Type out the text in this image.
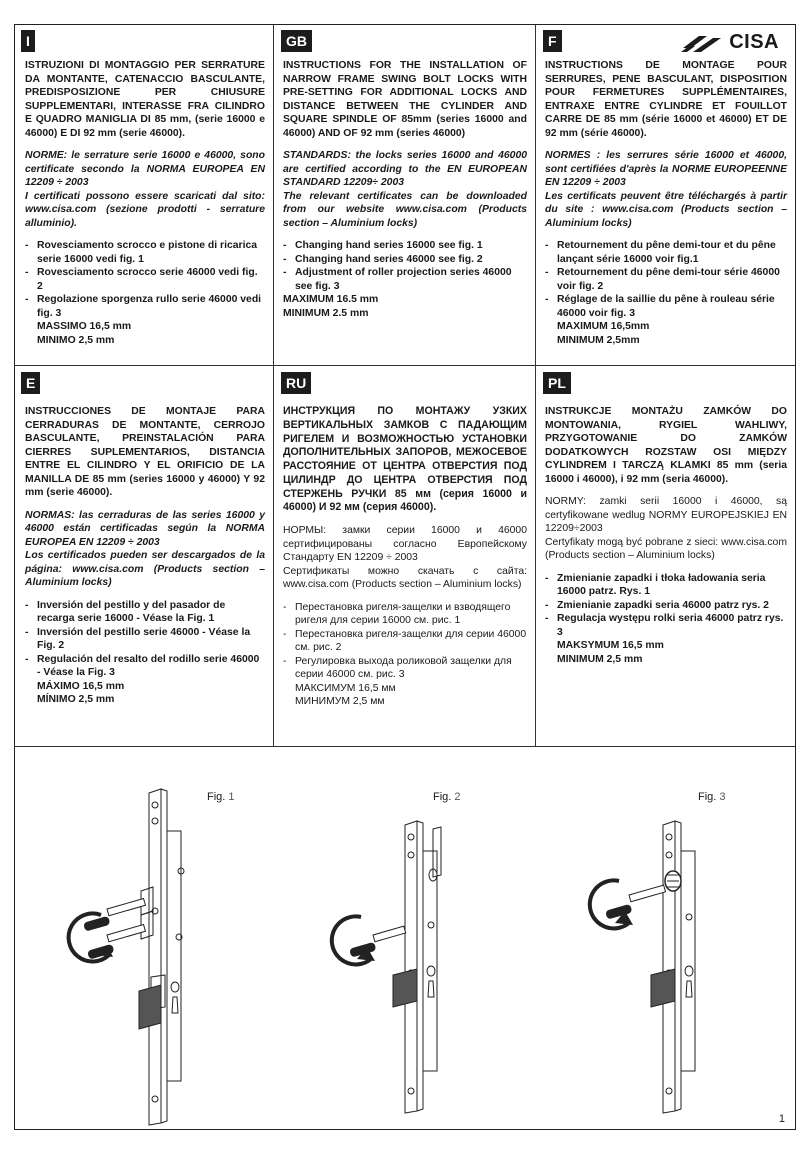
CISA
I
ISTRUZIONI DI MONTAGGIO PER SERRATURE DA MONTANTE, CATENACCIO BASCULANTE, PREDISPOSIZIONE PER CHIUSURE SUPPLEMENTARI, INTERASSE FRA CILINDRO E QUADRO MANIGLIA DI 85 mm, (serie 16000 e 46000) E DI 92 mm (serie 46000).
NORME: le serrature serie 16000 e 46000, sono certificate secondo la NORMA EUROPEA EN 12209 ÷ 2003
I certificati possono essere scaricati dal sito: www.cisa.com (sezione prodotti - serrature alluminio).
- Rovesciamento scrocco e pistone di ricarica serie 16000 vedi fig. 1
- Rovesciamento scrocco serie 46000 vedi fig. 2
- Regolazione sporgenza rullo serie 46000 vedi fig. 3
MASSIMO 16,5 mm
MINIMO 2,5 mm
GB
INSTRUCTIONS FOR THE INSTALLATION OF NARROW FRAME SWING BOLT LOCKS WITH PRE-SETTING FOR ADDITIONAL LOCKS AND DISTANCE BETWEEN THE CYLINDER AND SQUARE SPINDLE OF 85mm (series 16000 and 46000) AND OF 92 mm (series 46000)
STANDARDS: the locks series 16000 and 46000 are certified according to the EN EUROPEAN STANDARD 12209÷ 2003
The relevant certificates can be downloaded from our website www.cisa.com (Products section – Aluminium locks)
- Changing hand series 16000 see fig. 1
- Changing hand series 46000 see fig. 2
- Adjustment of roller projection series 46000 see fig. 3
MAXIMUM 16.5 mm
MINIMUM 2.5 mm
F
INSTRUCTIONS DE MONTAGE POUR SERRURES, PENE BASCULANT, DISPOSITION POUR FERMETURES SUPPLÉMENTAIRES, ENTRAXE ENTRE CYLINDRE ET FOUILLOT CARRE DE 85 mm (série 16000 et 46000) ET DE 92 mm (série 46000).
NORMES : les serrures série 16000 et 46000, sont certifiées d'après la NORME EUROPEENNE EN 12209 ÷ 2003
Les certificats peuvent être téléchargés à partir du site : www.cisa.com (Products section – Aluminium locks)
- Retournement du pêne demi-tour et du pêne lançant série 16000 voir fig.1
- Retournement du pêne demi-tour série 46000 voir fig. 2
- Réglage de la saillie du pêne à rouleau série 46000 voir fig. 3
MAXIMUM 16,5mm
MINIMUM 2,5mm
E
INSTRUCCIONES DE MONTAJE PARA CERRADURAS DE MONTANTE, CERROJO BASCULANTE, PREINSTALACIÓN PARA CIERRES SUPLEMENTARIOS, DISTANCIA ENTRE EL CILINDRO Y EL ORIFICIO DE LA MANILLA DE 85 mm (series 16000 y 46000) Y 92 mm (serie 46000).
NORMAS: las cerraduras de las series 16000 y 46000 están certificadas según la NORMA EUROPEA EN 12209 ÷ 2003
Los certificados pueden ser descargados de la página: www.cisa.com (Products section – Aluminium locks)
- Inversión del pestillo y del pasador de recarga serie 16000 - Véase la Fig. 1
- Inversión del pestillo serie 46000 - Véase la Fig. 2
- Regulación del resalto del rodillo serie 46000 - Véase la Fig. 3
MÁXIMO 16,5 mm
MÍNIMO 2,5 mm
RU
ИНСТРУКЦИЯ ПО МОНТАЖУ УЗКИХ ВЕРТИКАЛЬНЫХ ЗАМКОВ С ПАДАЮЩИМ РИГЕЛЕМ И ВОЗМОЖНОСТЬЮ УСТАНОВКИ ДОПОЛНИТЕЛЬНЫХ ЗАПОРОВ, МЕЖОСЕВОЕ РАССТОЯНИЕ ОТ ЦЕНТРА ОТВЕРСТИЯ ПОД ЦИЛИНДР ДО ЦЕНТРА ОТВЕРСТИЯ ПОД СТЕРЖЕНЬ РУЧКИ 85 мм (серия 16000 и 46000) И 92 мм (серия 46000).
НОРМЫ: замки серии 16000 и 46000 сертифицированы согласно Европейскому Стандарту EN 12209 ÷ 2003
Сертификаты можно скачать с сайта: www.cisa.com (Products section – Aluminium locks)
- Перестановка ригеля-защелки и взводящего ригеля для серии 16000 см. рис. 1
- Перестановка ригеля-защелки для серии 46000 см. рис. 2
- Регулировка выхода роликовой защелки для серии 46000 см. рис. 3
МАКСИМУМ 16,5 мм
МИНИМУМ 2,5 мм
PL
INSTRUKCJE MONTAŻU ZAMKÓW DO MONTOWANIA, RYGIEL WAHLIWY, PRZYGOTOWANIE DO ZAMKÓW DODATKOWYCH ROZSTAW OSI MIĘDZY CYLINDREM I TARCZĄ KLAMKI 85 mm (seria 16000 i 46000), i 92 mm (seria 46000).
NORMY: zamki serii 16000 i 46000, są certyfikowane wedlug NORMY EUROPEJSKIEJ EN 12209÷2003
Certyfikaty mogą być pobrane z sieci: www.cisa.com (Products section – Aluminium locks)
- Zmienianie zapadki i tłoka ładowania seria 16000 patrz. Rys. 1
- Zmienianie zapadki seria 46000 patrz rys. 2
- Regulacja występu rolki seria 46000 patrz rys. 3
MAKSYMUM 16,5 mm
MINIMUM 2,5 mm
Fig. 1	Fig. 2	Fig. 3
1
